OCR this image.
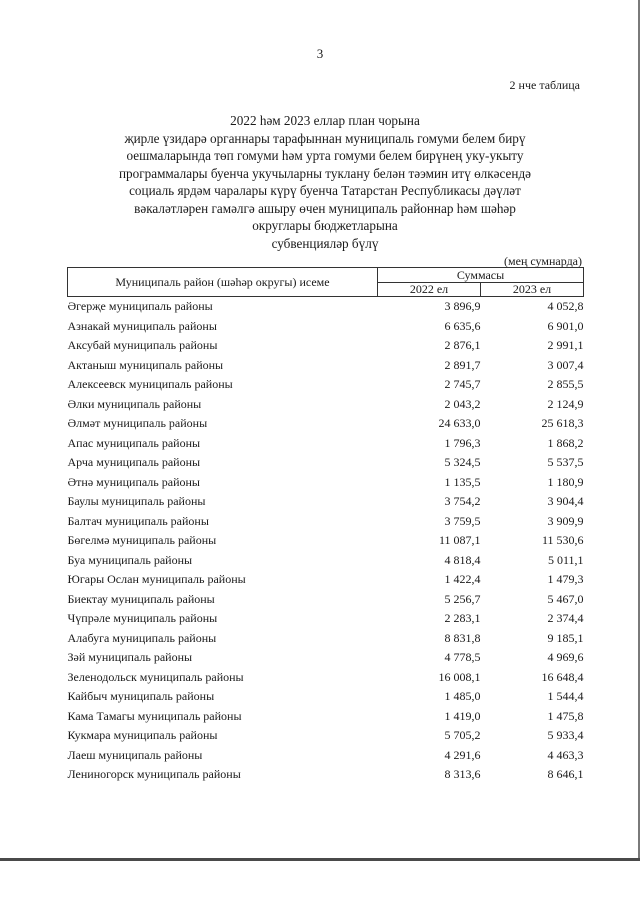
3
2 нче таблица
2022 һәм 2023 еллар план чорына
җирле үзидарә органнары тарафыннан муниципаль гомуми белем бирү
оешмаларында төп гомуми һәм урта гомуми белем бирүнең уку-укыту
программалары буенча укучыларны туклану белән тәэмин итү өлкәсендә
социаль ярдәм чаралары күрү буенча Татарстан Республикасы дәүләт
вәкаләтләрен гамәлгә ашыру өчен муниципаль районнар һәм шәһәр
округлары бюджетларына
субвенцияләр бүлү
(мең сумнарда)
Муниципаль район (шәһәр округы) исеме	Суммасы	
	2022 ел	2023 ел
Әгерҗе муниципаль районы	3 896,9	4 052,8
Азнакай муниципаль районы	6 635,6	6 901,0
Аксубай муниципаль районы	2 876,1	2 991,1
Актаныш муниципаль районы	2 891,7	3 007,4
Алексеевск муниципаль районы	2 745,7	2 855,5
Әлки муниципаль районы	2 043,2	2 124,9
Әлмәт муниципаль районы	24 633,0	25 618,3
Апас муниципаль районы	1 796,3	1 868,2
Арча муниципаль районы	5 324,5	5 537,5
Әтнә муниципаль районы	1 135,5	1 180,9
Баулы муниципаль районы	3 754,2	3 904,4
Балтач муниципаль районы	3 759,5	3 909,9
Бөгелмә муниципаль районы	11 087,1	11 530,6
Буа муниципаль районы	4 818,4	5 011,1
Югары Ослан муниципаль районы	1 422,4	1 479,3
Биектау муниципаль районы	5 256,7	5 467,0
Чүпрәле муниципаль районы	2 283,1	2 374,4
Алабуга муниципаль районы	8 831,8	9 185,1
Зәй муниципаль районы	4 778,5	4 969,6
Зеленодольск муниципаль районы	16 008,1	16 648,4
Кайбыч муниципаль районы	1 485,0	1 544,4
Кама Тамагы муниципаль районы	1 419,0	1 475,8
Кукмара муниципаль районы	5 705,2	5 933,4
Лаеш муниципаль районы	4 291,6	4 463,3
Лениногорск муниципаль районы	8 313,6	8 646,1
